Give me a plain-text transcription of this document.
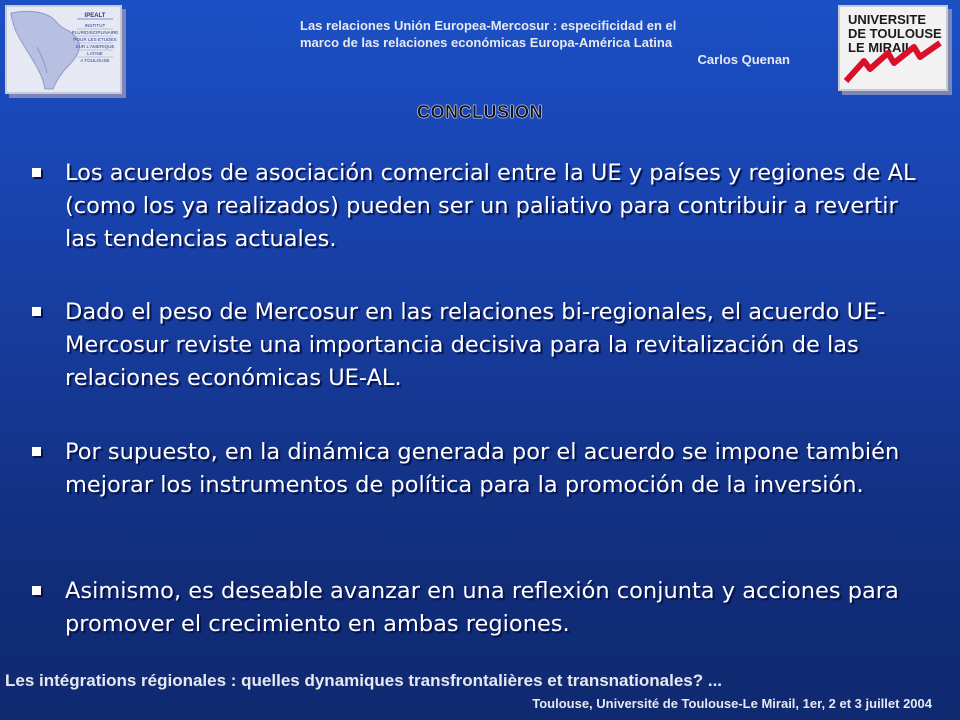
IPEALT
INSTITUT
PLURIDISCIPLINAIRE
POUR LES ETUDES
SUR L'AMERIQUE
LATINE
A TOULOUSE
Las relaciones Unión Europea-Mercosur : especificidad en el
marco de las relaciones económicas Europa-América Latina
Carlos Quenan
UNIVERSITE
DE TOULOUSE
LE MIRAIL
CONCLUSION
Los acuerdos de asociación comercial entre la UE y países y regiones de AL (como los ya realizados) pueden ser un paliativo para contribuir a revertir las tendencias actuales.
Dado el peso de Mercosur en las relaciones bi-regionales, el acuerdo UE-Mercosur reviste una importancia decisiva para la revitalización de las relaciones económicas UE-AL.
Por supuesto, en la dinámica generada por el acuerdo se impone también mejorar los instrumentos de política para la promoción de la inversión.
Asimismo, es deseable avanzar en una reflexión conjunta y acciones para promover el crecimiento en ambas regiones.
Les intégrations régionales : quelles dynamiques transfrontalières et transnationales? ...
Toulouse, Université de Toulouse-Le Mirail, 1er, 2 et 3 juillet 2004
